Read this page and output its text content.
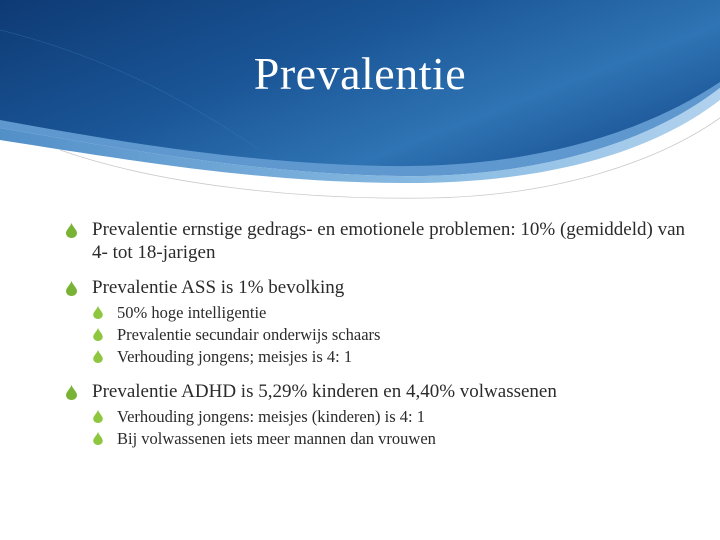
Prevalentie
Prevalentie ernstige gedrags- en emotionele problemen: 10% (gemiddeld) van 4- tot 18-jarigen
Prevalentie ASS is 1% bevolking
50% hoge intelligentie
Prevalentie secundair onderwijs schaars
Verhouding jongens; meisjes is 4: 1
Prevalentie ADHD is 5,29% kinderen en 4,40% volwassenen
Verhouding jongens: meisjes (kinderen) is 4: 1
Bij volwassenen iets meer mannen dan vrouwen
